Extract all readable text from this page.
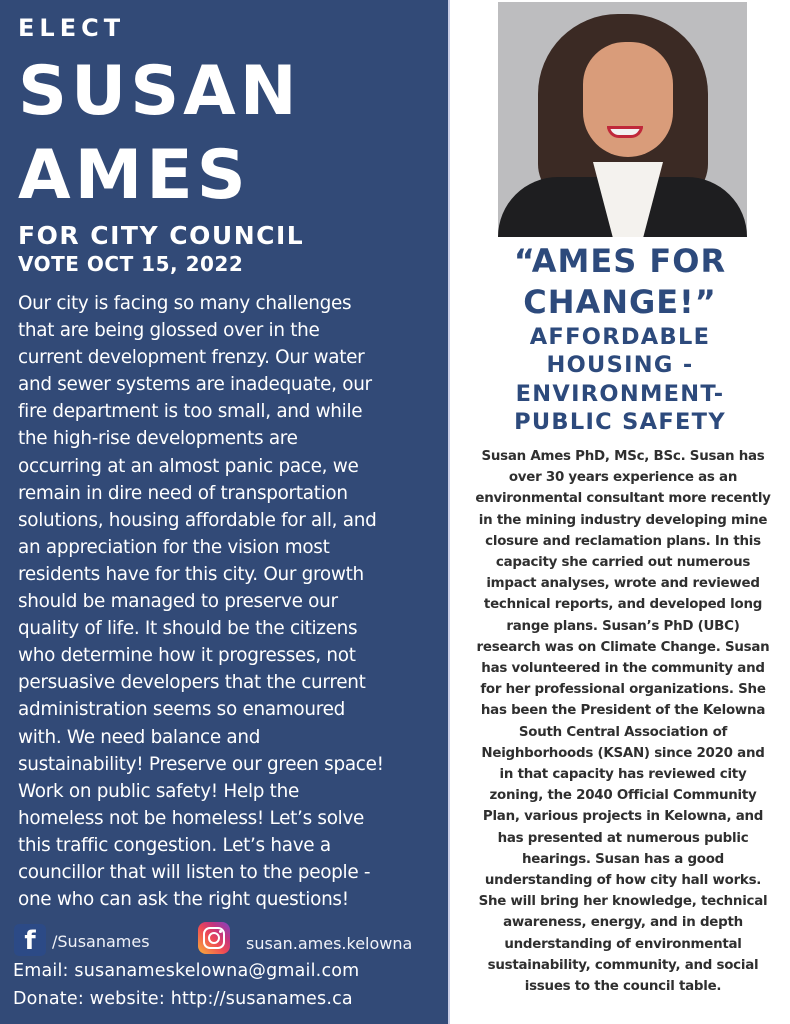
ELECT
SUSAN
AMES
FOR CITY COUNCIL
VOTE OCT 15, 2022
Our city is facing so many challenges
that are being glossed over in the
current development frenzy. Our water
and sewer systems are inadequate, our
fire department is too small, and while
the high-rise developments are
occurring at an almost panic pace, we
remain in dire need of transportation
solutions, housing affordable for all, and
an appreciation for the vision most
residents have for this city. Our growth
should be managed to preserve our
quality of life. It should be the citizens
who determine how it progresses, not
persuasive developers that the current
administration seems so enamoured
with. We need balance and
sustainability! Preserve our green space!
Work on public safety! Help the
homeless not be homeless! Let’s solve
this traffic congestion. Let’s have a
councillor that will listen to the people -
one who can ask the right questions!
f	/Susanames	susan.ames.kelowna
Email: susanameskelowna@gmail.com
Donate: website: http://susanames.ca
“AMES FOR
CHANGE!”
AFFORDABLE
HOUSING -
ENVIRONMENT-
PUBLIC SAFETY
Susan Ames PhD, MSc, BSc. Susan has
over 30 years experience as an
environmental consultant more recently
in the mining industry developing mine
closure and reclamation plans. In this
capacity she carried out numerous
impact analyses, wrote and reviewed
technical reports, and developed long
range plans. Susan’s PhD (UBC)
research was on Climate Change. Susan
has volunteered in the community and
for her professional organizations. She
has been the President of the Kelowna
South Central Association of
Neighborhoods (KSAN) since 2020 and
in that capacity has reviewed city
zoning, the 2040 Official Community
Plan, various projects in Kelowna, and
has presented at numerous public
hearings. Susan has a good
understanding of how city hall works.
She will bring her knowledge, technical
awareness, energy, and in depth
understanding of environmental
sustainability, community, and social
issues to the council table.
